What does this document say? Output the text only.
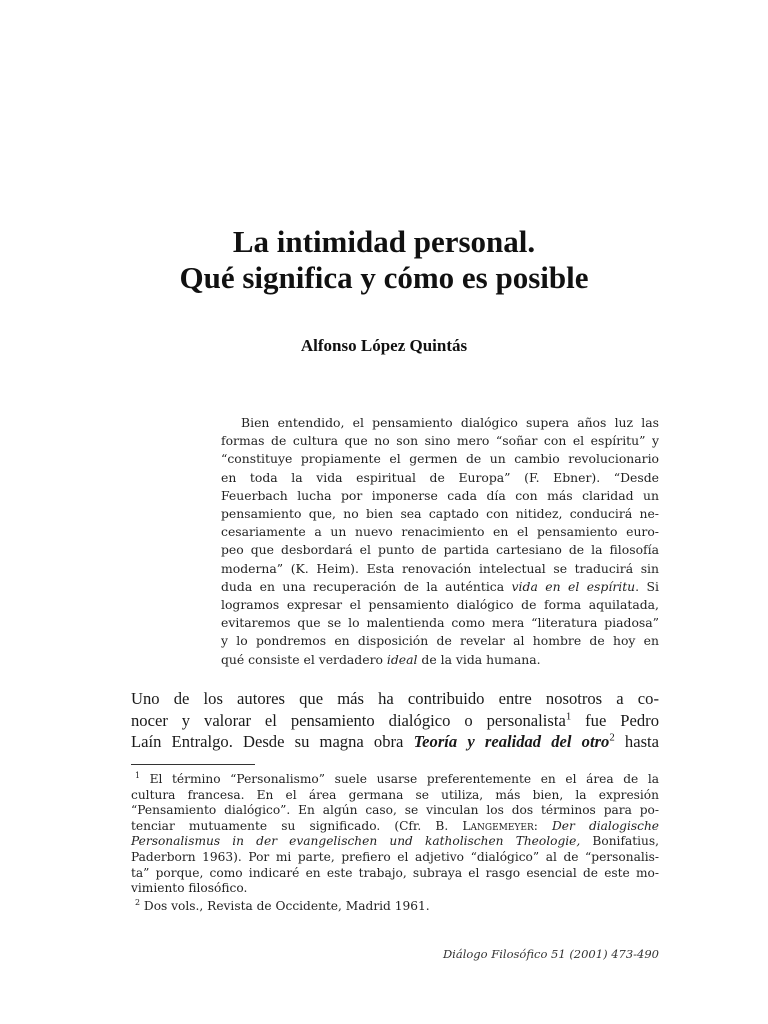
La intimidad personal.
Qué significa y cómo es posible

Alfonso López Quintás

Bien entendido, el pensamiento dialógico supera años luz las
formas de cultura que no son sino mero “soñar con el espíritu” y
“constituye propiamente el germen de un cambio revolucionario
en toda la vida espiritual de Europa” (F. Ebner). “Desde
Feuerbach lucha por imponerse cada día con más claridad un
pensamiento que, no bien sea captado con nitidez, conducirá ne-
cesariamente a un nuevo renacimiento en el pensamiento euro-
peo que desbordará el punto de partida cartesiano de la filosofía
moderna” (K. Heim). Esta renovación intelectual se traducirá sin
duda en una recuperación de la auténtica vida en el espíritu. Si
logramos expresar el pensamiento dialógico de forma aquilatada,
evitaremos que se lo malentienda como mera “literatura piadosa”
y lo pondremos en disposición de revelar al hombre de hoy en
qué consiste el verdadero ideal de la vida humana.
Uno de los autores que más ha contribuido entre nosotros a co-
nocer y valorar el pensamiento dialógico o personalista$^1$ fue Pedro
Laín Entralgo. Desde su magna obra Teoría y realidad del otro$^2$ hasta
$^1$ El término “Personalismo” suele usarse preferentemente en el área de la
cultura francesa. En el área germana se utiliza, más bien, la expresión
“Pensamiento dialógico”. En algún caso, se vinculan los dos términos para po-
tenciar mutuamente su significado. (Cfr. B. Langemeyer: Der dialogische
Personalismus in der evangelischen und katholischen Theologie, Bonifatius,
Paderborn 1963). Por mi parte, prefiero el adjetivo “dialógico” al de “personalis-
ta” porque, como indicaré en este trabajo, subraya el rasgo esencial de este mo-
vimiento filosófico.
$^2$ Dos vols., Revista de Occidente, Madrid 1961.
Diálogo Filosófico 51 (2001) 473-490
